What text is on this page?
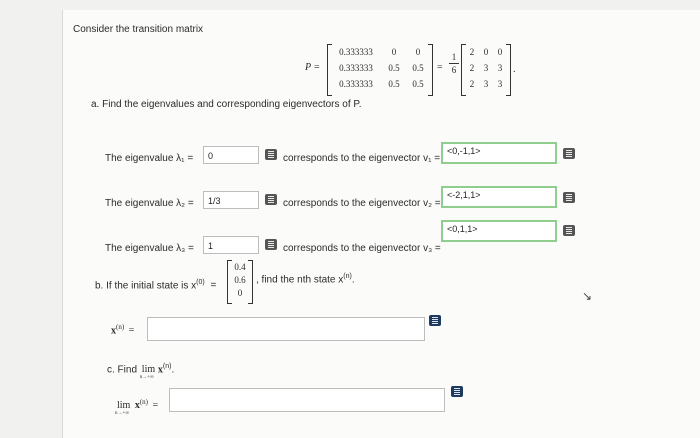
Consider the transition matrix
P =
0.333333	0	0
0.333333	0.5	0.5
0.333333	0.5	0.5
=
1
6
2	0	0
2	3	3
2	3	3
.
a. Find the eigenvalues and corresponding eigenvectors of P.
The eigenvalue λ₁ =	0	corresponds to the eigenvector v₁ =
<0,-1,1>
The eigenvalue λ₂ =	1/3	corresponds to the eigenvector v₂ =
<-2,1,1>
The eigenvalue λ₃ =	1	corresponds to the eigenvector v₃ =
<0,1,1>
b. If the initial state is $x^{(0)}$ =
0.4
0.6
0
, find the nth state $x^{(n)}$.
$x^{(n)}$ =
c. Find lim
n→+∞
$x^{(n)}$.
lim
n→+∞
$x^{(n)}$ =
↘
